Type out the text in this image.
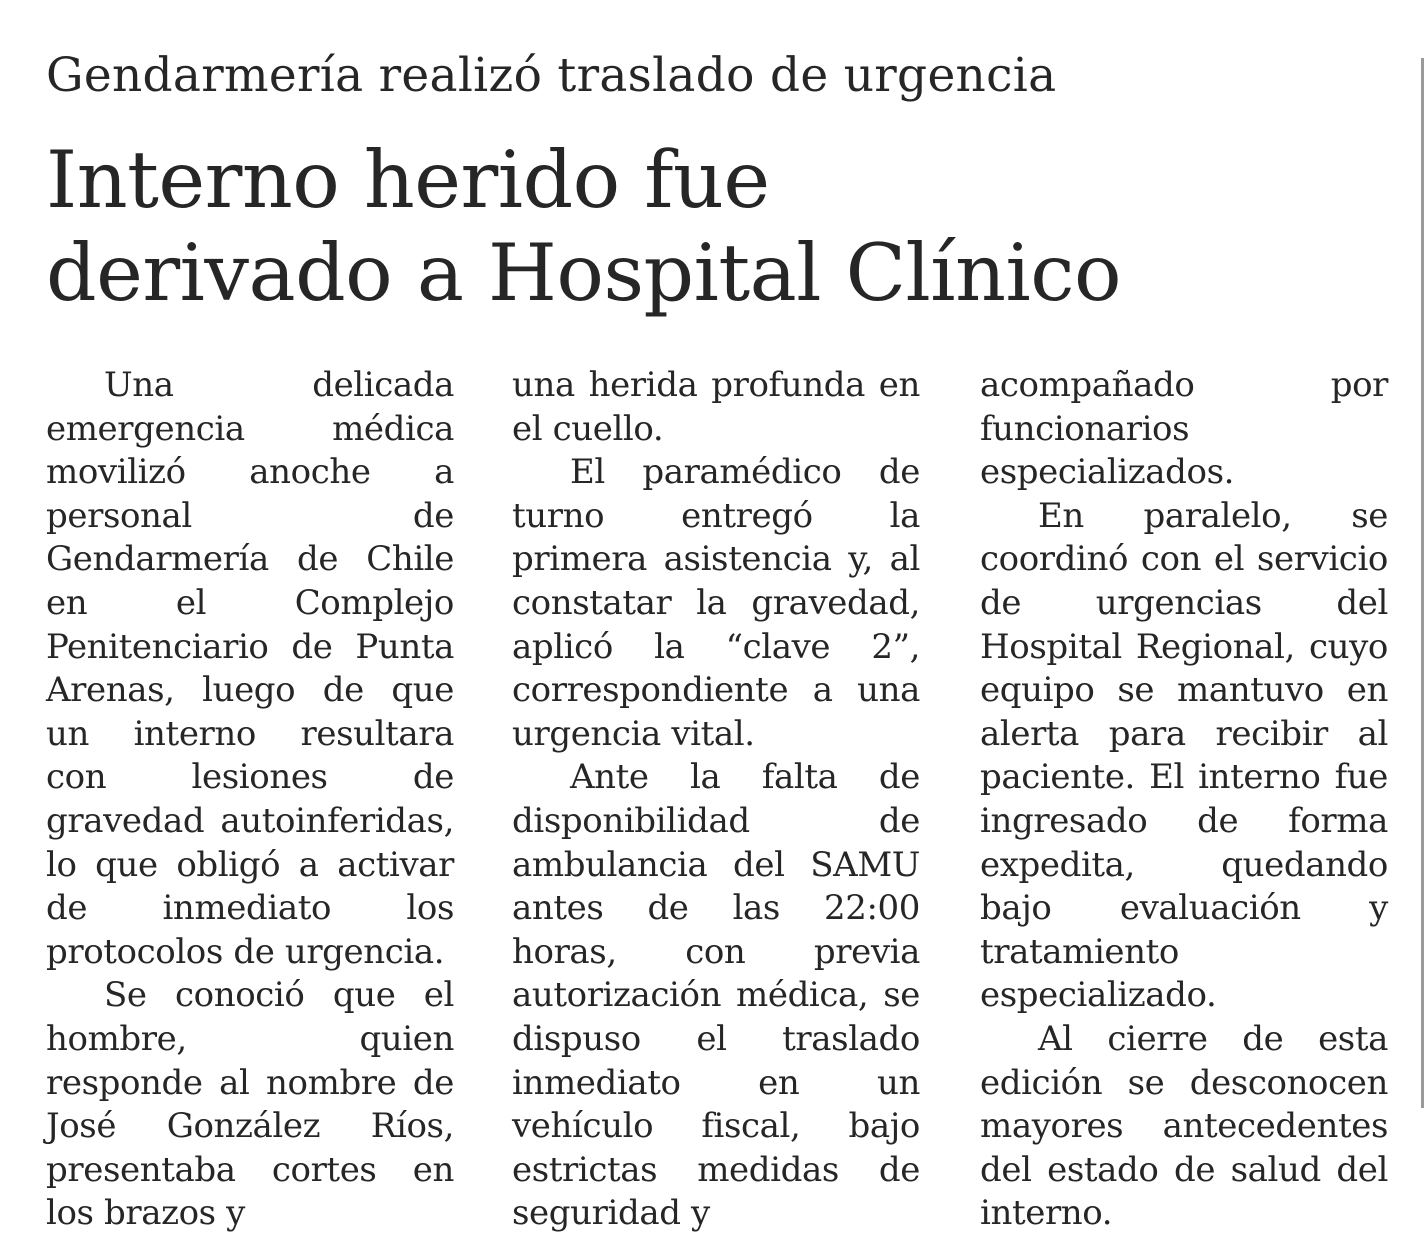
Gendarmería realizó traslado de urgencia
Interno herido fue
derivado a Hospital Clínico

Una delicada emergencia médica movilizó anoche a personal de Gendarmería de Chile en el Complejo Penitenciario de Punta Arenas, luego de que un interno resultara con lesiones de gravedad autoinferidas, lo que obligó a activar de inmediato los protocolos de urgencia.

Se conoció que el hombre, quien responde al nombre de José González Ríos, presentaba cortes en los brazos y

una herida profunda en el cuello.

El paramédico de turno entregó la primera asistencia y, al constatar la gravedad, aplicó la “clave 2”, correspondiente a una urgencia vital.

Ante la falta de disponibilidad de ambulancia del SAMU antes de las 22:00 horas, con previa autorización médica, se dispuso el traslado inmediato en un vehículo fiscal, bajo estrictas medidas de seguridad y

acompañado por funcionarios especializados.

En paralelo, se coordinó con el servicio de urgencias del Hospital Regional, cuyo equipo se mantuvo en alerta para recibir al paciente. El interno fue ingresado de forma expedita, quedando bajo evaluación y tratamiento especializado.

Al cierre de esta edición se desconocen mayores antecedentes del estado de salud del interno.
